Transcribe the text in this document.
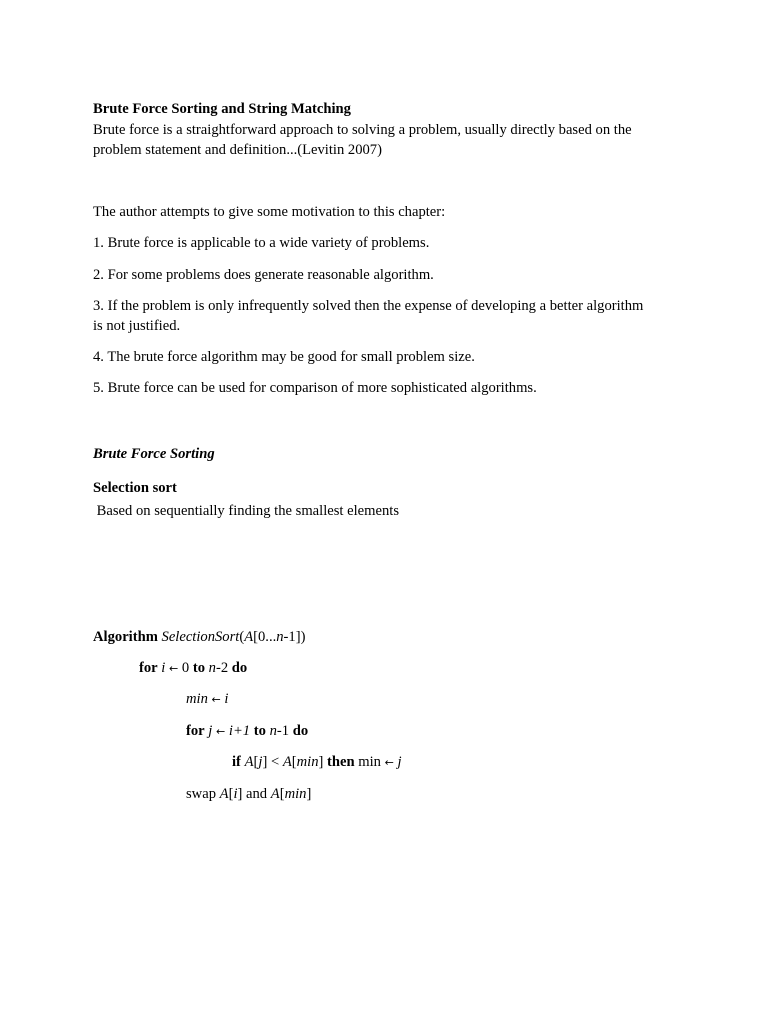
Brute Force Sorting and String Matching
Brute force is a straightforward approach to solving a problem, usually directly based on the problem statement and definition...(Levitin 2007)
The author attempts to give some motivation to this chapter:
1. Brute force is applicable to a wide variety of problems.
2. For some problems does generate reasonable algorithm.
3. If the problem is only infrequently solved then the expense of developing a better algorithm is not justified.
4. The brute force algorithm may be good for small problem size.
5. Brute force can be used for comparison of more sophisticated algorithms.
Brute Force Sorting
Selection sort
Based on sequentially finding the smallest elements
Algorithm SelectionSort(A[0...n-1])
for i ← 0 to n-2 do
min ← i
for j ← i+1 to n-1 do
if A[j] < A[min] then min ← j
swap A[i] and A[min]
